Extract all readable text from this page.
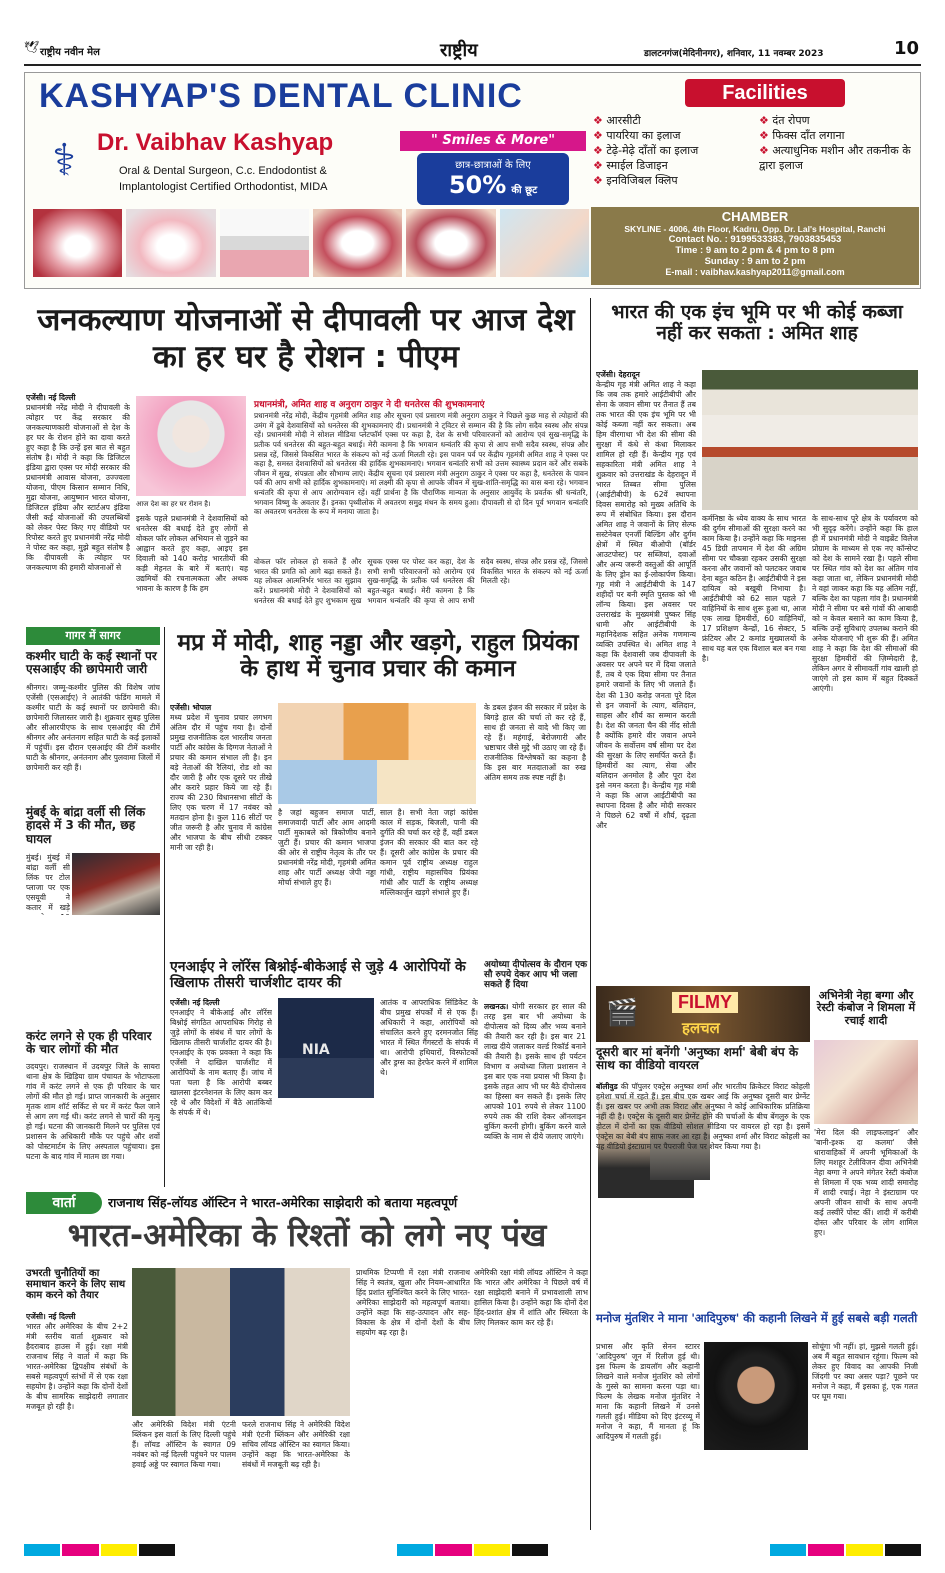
🕊 राष्ट्रीय नवीन मेल	राष्ट्रीय	डालटनगंज(मेदिनीनगर), शनिवार, 11 नवम्बर 2023	10
KASHYAP'S DENTAL CLINIC
⚕ Dr. Vaibhav Kashyap
Oral & Dental Surgeon, C.c. Endodontist &
Implantologist Certified Orthodontist, MIDA
" Smiles & More"
छात्र-छात्राओं के लिए
50% की छूट
Facilities
❖ आरसीटी
❖ पायरिया का इलाज
❖ टेढ़े-मेढ़े दाँतों का इलाज
❖ स्माईल डिजाइन
❖ इनविजिबल क्लिप
❖ दंत रोपण
❖ फिक्स दाँत लगाना
❖ अत्याधुनिक मशीन और तकनीक के द्वारा इलाज
CHAMBER
SKYLINE - 4006, 4th Floor, Kadru, Opp. Dr. Lal's Hospital, Ranchi
Contact No. : 9199533383, 7903835453
Time : 9 am to 2 pm & 4 pm to 8 pm
Sunday : 9 am to 2 pm
E-mail : vaibhav.kashyap2011@gmail.com
जनकल्याण योजनाओं से दीपावली पर आज देश का हर घर है रोशन : पीएम
एजेंसी। नई दिल्ली
प्रधानमंत्री नरेंद्र मोदी ने दीपावली के त्योहार पर केंद्र सरकार की जनकल्याणकारी योजनाओं से देश के हर घर के रोशन होने का दावा करते हुए कहा है कि उन्हें इस बात से बहुत संतोष है। मोदी ने कहा कि डिजिटल इंडिया द्वारा एक्स पर मोदी सरकार की प्रधानमंत्री आवास योजना, उज्ज्वला योजना, पीएम किसान सम्मान निधि, मुद्रा योजना, आयुष्मान भारत योजना, डिजिटल इंडिया और स्टार्टअप इंडिया जैसी कई योजनाओं की उपलब्धियों को लेकर पेस्ट किए गए वीडियो पर रिपोस्ट करते हुए प्रधानमंत्री नरेंद्र मोदी ने पोस्ट कर कहा, मुझे बहुत संतोष है कि दीपावली के त्योहार पर जनकल्याण की हमारी योजनाओं से
आज देश का हर घर रोशन है।
इसके पहले प्रधानमंत्री ने देशवासियों को धनतेरस की बधाई देते हुए लोगों से वोकल फॉर लोकल अभियान से जुड़ने का आह्वान करते हुए कहा, आइए इस दिवाली को 140 करोड़ भारतीयों की कड़ी मेहनत के बारे में बताएं। यह उद्यमियों की रचनात्मकता और अथक भावना के कारण है कि हम
प्रधानमंत्री, अमित शाह व अनुराग ठाकुर ने दी धनतेरस की शुभकामनाएं
प्रधानमंत्री नरेंद्र मोदी, केंद्रीय गृहमंत्री अमित शाह और सूचना एवं प्रसारण मंत्री अनुराग ठाकुर ने पिछले कुछ माह से त्योहारों की उमंग में डूबे देशवासियों को धनतेरस की शुभकामनाएं दी। प्रधानमंत्री ने ट्विटर से सम्मान की है कि लोग सदैव स्वस्थ और संपन्न रहें। प्रधानमंत्री मोदी ने सोशल मीडिया प्लेटफॉर्म एक्स पर कहा है, देश के सभी परिवारजनों को आरोग्य एवं सुख-समृद्धि के प्रतीक पर्व धनतेरस की बहुत-बहुत बधाई। मेरी कामना है कि भगवान धन्वंतरि की कृपा से आप सभी सदैव स्वस्थ, संपन्न और प्रसन्न रहें, जिससे विकसित भारत के संकल्प को नई ऊर्जा मिलती रहे। इस पावन पर्व पर केंद्रीय गृहमंत्री अमित शाह ने एक्स पर कहा है, समस्त देशवासियों को धनतेरस की हार्दिक शुभकामनाएं। भगवान धन्वंतरि सभी को उत्तम स्वास्थ्य प्रदान करें और सबके जीवन में सुख, संपन्नता और सौभाग्य लाएं। केंद्रीय सूचना एवं प्रसारण मंत्री अनुराग ठाकुर ने एक्स पर कहा है, धनतेरस के पावन पर्व की आप सभी को हार्दिक शुभकामनाएं। मां लक्ष्मी की कृपा से आपके जीवन में सुख-शांति-समृद्धि का वास बना रहे। भगवान धन्वंतरि की कृपा से आप आरोग्यवान रहें। वहीं प्रार्थना है कि पौराणिक मान्यता के अनुसार आयुर्वेद के प्रवर्तक श्री धन्वंतरि, भगवान विष्णु के अवतार हैं। इनका पृथ्वीलोक में अवतरण समुद्र मंथन के समय हुआ। दीपावली से दो दिन पूर्व भगवान धन्वंतरि का अवतरण धनतेरस के रूप में मनाया जाता है।
वोकल फॉर लोकल हो सकते हैं और भारत की प्रगति को आगे बढ़ा सकते हैं। यह लोकल आत्मनिर्भर भारत का सुझाव करें। प्रधानमंत्री मोदी ने देशवासियों को धनतेरस की बधाई देते हुए शुभकाम सुख सूचक एक्स पर पोस्ट कर कहा, देश के सभी सभी परिवारजनों को आरोग्य एवं सुख-समृद्धि के प्रतीक पर्व धनतेरस की बहुत-बहुत बधाई। मेरी कामना है कि भगवान धन्वंतरि की कृपा से आप सभी सदैव स्वस्थ, संपन्न और प्रसन्न रहें, जिससे विकसित भारत के संकल्प को नई ऊर्जा मिलती रहे।
भारत की एक इंच भूमि पर भी कोई कब्जा नहीं कर सकता : अमित शाह
एजेंसी। देहरादून
केन्द्रीय गृह मंत्री अमित शाह ने कहा कि जब तक हमारे आईटीबीपी और सेना के जवान सीमा पर तैनात हैं तब तक भारत की एक इंच भूमि पर भी कोई कब्जा नहीं कर सकता। अब हिम वीरगाथा भी देश की सीमा की सुरक्षा में कंधे से कंधा मिलाकर शामिल हो रही हैं। केन्द्रीय गृह एवं सहकारिता मंत्री अमित शाह ने शुक्रवार को उत्तराखंड के देहरादून में भारत तिब्बत सीमा पुलिस (आईटीबीपी) के 62वें स्थापना दिवस समारोह को मुख्य अतिथि के रूप में संबोधित किया। इस दौरान अमित शाह ने जवानों के लिए सेल्फ सस्टेनेबल एनर्जी बिल्डिंग और दुर्गम क्षेत्रों में स्थित बीओपी (बॉर्डर आउटपोस्ट) पर सब्जियां, दवाओं और अन्य जरूरी वस्तुओं की आपूर्ति के लिए ड्रोन का ई-लोकार्पण किया। गृह मंत्री ने आईटीबीपी के 147 शहीदों पर बनी स्मृति पुस्तक को भी लॉन्च किया। इस अवसर पर उत्तराखंड के मुख्यमंत्री पुष्कर सिंह धामी और आईटीबीपी के महानिदेशक सहित अनेक गणमान्य व्यक्ति उपस्थित थे। अमित शाह ने कहा कि देशवासी जब दीपावली के अवसर पर अपने घर में दिया जलाते हैं, तब ये एक दिया सीमा पर तैनात हमारे जवानों के लिए भी जलाते हैं। देश की 130 करोड़ जनता पूरे दिल से इन जवानों के त्याग, बलिदान, साहस और शौर्य का सम्मान करती है। देश की जनता चैन की नींद सोती है क्योंकि हमारे वीर जवान अपने जीवन के सर्वोत्तम वर्ष सीमा पर देश की सुरक्षा के लिए समर्पित करते हैं। हिमवीरों का त्याग, सेवा और बलिदान अनमोल है और पूरा देश इसे नमन करता है। केन्द्रीय गृह मंत्री ने कहा कि आज आईटीबीपी का स्थापना दिवस है और मोदी सरकार ने पिछले 62 वर्षों में शौर्य, दृढ़ता और
कर्मनिष्ठा के ध्येय वाक्य के साथ भारत की दुर्गम सीमाओं की सुरक्षा करने का काम किया है। उन्होंने कहा कि माइनस 45 डिग्री तापमान में देश की अग्रिम सीमा पर चौकन्ना रहकर उसकी सुरक्षा करना और जवानों को पलटकर जवाब देना बहुत कठिन है। आईटीबीपी ने इस दायित्व को बखूबी निभाया है। आईटीबीपी को 62 साल पहले 7 वाहिनियों के साथ शुरू हुआ था, आज एक लाख हिमवीरों, 60 वाहिनियों, 17 प्रशिक्षण केन्द्रों, 16 सेक्टर, 5 फ्रंटियर और 2 कमांड मुख्यालयों के साथ यह बल एक विशाल बल बन गया है।
के साथ-साथ पूरे क्षेत्र के पर्यावरण को भी सुदृढ़ करेंगे। उन्होंने कहा कि हाल ही में प्रधानमंत्री मोदी ने वाइब्रेंट विलेज प्रोग्राम के माध्यम से एक नए कॉन्सेप्ट को देश के सामने रखा है। पहले सीमा पर स्थित गांव को देश का अंतिम गांव कहा जाता था, लेकिन प्रधानमंत्री मोदी ने वहां जाकर कहा कि यह अंतिम नहीं, बल्कि देश का पहला गांव है। प्रधानमंत्री मोदी ने सीमा पर बसे गांवों की आबादी को न केवल बसाने का काम किया है, बल्कि उन्हें सुविधाएं उपलब्ध कराने की अनेक योजनाएं भी शुरू की हैं। अमित शाह ने कहा कि देश की सीमाओं की सुरक्षा हिमवीरों की ज़िम्मेदारी है, लेकिन अगर वे सीमावर्ती गांव खाली हो जाएंगे तो इस काम में बहुत दिक्कतें आएंगी।
गागर में सागर
कश्मीर घाटी के कई स्थानों पर एसआईए की छापेमारी जारी
श्रीनगर। जम्मू-कश्मीर पुलिस की विशेष जांच एजेंसी (एसआईए) ने आतंकी फंडिंग मामले में कश्मीर घाटी के कई स्थानों पर छापेमारी की। छापेमारी जिलास्तर जारी है। शुक्रवार सुबह पुलिस और सीआरपीएफ के साथ एसआईए की टीमें श्रीनगर और अनंतनाग सहित घाटी के कई इलाकों में पहुंचीं। इस दौरान एसआईए की टीमें कश्मीर घाटी के श्रीनगर, अनंतनाग और पुलवामा जिलों में छापेमारी कर रही हैं।
मुंबई के बांद्रा वर्ली सी लिंक हादसे में 3 की मौत, छह घायल
मुंबई। मुंबई में बांद्रा वर्ली सी लिंक पर टोल प्लाजा पर एक एसयूवी ने कतार में खड़े
करंट लगने से एक ही परिवार के चार लोगों की मौत
उदयपुर। राजस्थान में उदयपुर जिले के सायरा थाना क्षेत्र के खिड़िया ग्राम पंचायत के भोटाफला गांव में करंट लगने से एक ही परिवार के चार लोगों की मौत हो गई। प्राप्त जानकारी के अनुसार मृतक शाम शॉर्ट सर्किट से घर में करंट फैल जाने से आग लग गई थी। करंट लगने से चारों की मृत्यु हो गई। घटना की जानकारी मिलने पर पुलिस एवं प्रशासन के अधिकारी मौके पर पहुंचे और शवों को पोस्टमार्टम के लिए अस्पताल पहुंचाया। इस घटना के बाद गांव में मातम छा गया।
मप्र में मोदी, शाह नड्डा और खड़गे, राहुल प्रियंका के हाथ में चुनाव प्रचार की कमान
एजेंसी। भोपाल
मध्य प्रदेश में चुनाव प्रचार लगभग अंतिम दौर में पहुंच गया है। दोनों प्रमुख राजनीतिक दल भारतीय जनता पार्टी और कांग्रेस के दिग्गज नेताओं ने प्रचार की कमान संभाल ली है। इन बड़े नेताओं की रैलियां, रोड शो का दौर जारी है और एक दूसरे पर तीखे और करारे प्रहार किये जा रहे हैं। राज्य की 230 विधानसभा सीटों के लिए एक चरण में 17 नवंबर को मतदान होना है। कुल 116 सीटों पर जीत जरूरी है और चुनाव में कांग्रेस और भाजपा के बीच सीधी टक्कर मानी जा रही है।
है जहां बहुजन समाज पार्टी, समाजवादी पार्टी और आम आदमी पार्टी मुकाबले को त्रिकोणीय बनाने जुटी हैं। प्रचार की कमान भाजपा की ओर से राष्ट्रीय नेतृत्व के तौर पर प्रधानमंत्री नरेंद्र मोदी, गृहमंत्री अमित शाह और पार्टी अध्यक्ष जेपी नड्डा मोर्चा संभाले हुए हैं।
साल है। सभी नेता जहां कांग्रेस काल में सड़क, बिजली, पानी की दुर्गति की चर्चा कर रहे हैं, वहीं डबल इंजन की सरकार की बात कर रहे हैं। दूसरी ओर कांग्रेस के प्रचार की कमान पूर्व राष्ट्रीय अध्यक्ष राहुल गांधी, राष्ट्रीय महासचिव प्रियंका गांधी और पार्टी के राष्ट्रीय अध्यक्ष मल्लिकार्जुन खड़गे संभाले हुए हैं।
के डबल इंजन की सरकार में प्रदेश के बिगड़े हाल की चर्चा तो कर रहे हैं, साथ ही जनता से वादे भी किए जा रहे हैं। महंगाई, बेरोजगारी और भ्रष्टाचार जैसे मुद्दे भी उठाए जा रहे हैं। राजनीतिक विश्लेषकों का कहना है कि इस बार मतदाताओं का रुख अंतिम समय तक स्पष्ट नहीं है।
एनआईए ने लॉरेंस बिश्नोई-बीकेआई से जुड़े 4 आरोपियों के खिलाफ तीसरी चार्जशीट दायर की
एजेंसी। नई दिल्ली
एनआईए ने बीकेआई और लॉरेंस बिश्नोई संगठित आपराधिक गिरोह से जुड़े लोगों के संबंध में चार लोगों के खिलाफ तीसरी चार्जशीट दायर की है। एनआईए के एक प्रवक्ता ने कहा कि एजेंसी ने दाखिल चार्जशीट में आरोपियों के नाम बताए हैं। जांच में पता चला है कि आरोपी बब्बर खालसा इंटरनेशनल के लिए काम कर रहे थे और विदेशों में बैठे आतंकियों के संपर्क में थे।
NIA
आतंक व आपराधिक सिंडिकेट के बीच प्रमुख संपर्कों में से एक हैं। अधिकारी ने कहा, आरोपियों को संचालित करने हुए दरमनजोत सिंह भारत में स्थित गैंगस्टरों के संपर्क में था। आरोपी हथियारों, विस्फोटकों और ड्रग्स का हेरफेर करने में शामिल थे।
अयोध्या दीपोत्सव के दौरान एक सौ रुपये देकर आप भी जला सकते हैं दिया
लखनऊ। योगी सरकार हर साल की तरह इस बार भी अयोध्या के दीपोत्सव को दिव्य और भव्य बनाने की तैयारी कर रही है। इस बार 21 लाख दीये जलाकर वर्ल्ड रिकॉर्ड बनाने की तैयारी है। इसके साथ ही पर्यटन विभाग व अयोध्या जिला प्रशासन ने इस बार एक नया प्रयास भी किया है। इसके तहत आप भी घर बैठे दीपोत्सव का हिस्सा बन सकते हैं। इसके लिए आपको 101 रुपये से लेकर 1100 रुपये तक की राशि देकर ऑनलाइन बुकिंग करनी होगी। बुकिंग करने वाले व्यक्ति के नाम से दीये जलाए जाएंगे।
FILMY
हलचल
🎬
दूसरी बार मां बनेंगी 'अनुष्का शर्मा' बेबी बंप के साथ का वीडियो वायरल
बॉलीवुड की पॉपुलर एक्ट्रेस अनुष्का शर्मा और भारतीय क्रिकेटर विराट कोहली हमेशा चर्चा में रहते हैं। इस बीच एक खबर आई कि अनुष्का दूसरी बार प्रेग्नेंट हैं। इस खबर पर अभी तक विराट और अनुष्का ने कोई आधिकारिक प्रतिक्रिया नहीं दी है। एक्ट्रेस के दूसरी बार प्रेग्नेंट होने की चर्चाओं के बीच बेंगलुरु के एक होटल में दोनों का एक वीडियो सोशल मीडिया पर वायरल हो रहा है। इसमें एक्ट्रेस का बेबी बंप साफ नजर आ रहा है। अनुष्का शर्मा और विराट कोहली का यह वीडियो इंस्टाग्राम पर पैपराजी पेज पर शेयर किया गया है।
अभिनेत्री नेहा बग्गा और रेस्टी कंबोज ने शिमला में रचाई शादी
'मेरा दिल की लाइफलाइन' और 'बानी-इश्क दा कलमा' जैसे धारावाहिकों में अपनी भूमिकाओं के लिए मशहूर टेलीविजन दीवा अभिनेत्री नेहा बग्गा ने अपने मंगेतर रेस्टी कंबोज से शिमला में एक भव्य शादी समारोह में शादी रचाई। नेहा ने इंस्टाग्राम पर अपनी जीवन साथी के साथ अपनी कई तस्वीरें पोस्ट कीं। शादी में करीबी दोस्त और परिवार के लोग शामिल हुए।
मनोज मुंतशिर ने माना 'आदिपुरुष' की कहानी लिखने में हुई सबसे बड़ी गलती
प्रभास और कृति सेनन स्टारर 'आदिपुरुष' जून में रिलीज हुई थी। इस फिल्म के डायलॉग और कहानी लिखने वाले मनोज मुंतशिर को लोगों के गुस्से का सामना करना पड़ा था। फिल्म के लेखक मनोज मुंतशिर ने माना कि कहानी लिखने में उनसे गलती हुई। मीडिया को दिए इंटरव्यू में मनोज ने कहा, मैं मानता हूं कि आदिपुरुष में गलती हुई।
सोचूंगा भी नहीं। हां, मुझसे गलती हुई। अब मैं बहुत सावधान रहूंगा। फिल्म को लेकर हुए विवाद का आपकी निजी जिंदगी पर क्या असर पड़ा? पूछने पर मनोज ने कहा, मैं इसका हूं, एक गलत पर घूम गया।
वार्ता	राजनाथ सिंह-लॉयड ऑस्टिन ने भारत-अमेरिका साझेदारी को बताया महत्वपूर्ण
भारत-अमेरिका के रिश्तों को लगे नए पंख
उभरती चुनौतियों का समाधान करने के लिए साथ काम करने को तैयार
एजेंसी। नई दिल्ली
भारत और अमेरिका के बीच 2+2 मंत्री स्तरीय वार्ता शुक्रवार को हैदराबाद हाउस में हुई। रक्षा मंत्री राजनाथ सिंह ने वार्ता में कहा कि भारत-अमेरिका द्विपक्षीय संबंधों के सबसे महत्वपूर्ण स्तंभों में से एक रक्षा सहयोग है। उन्होंने कहा कि दोनों देशों के बीच सामरिक साझेदारी लगातार मजबूत हो रही है।
और अमेरिकी विदेश मंत्री एंटनी ब्लिंकन इस वार्ता के लिए दिल्ली पहुंचे हैं। लॉयड ऑस्टिन के स्वागत 09 नवंबर को नई दिल्ली पहुंचने पर पालम हवाई अड्डे पर स्वागत किया गया।
फरले राजनाथ सिंह ने अमेरिकी विदेश मंत्री एंटनी ब्लिंकन और अमेरिकी रक्षा सचिव लॉयड ऑस्टिन का स्वागत किया। उन्होंने कहा कि भारत-अमेरिका के संबंधों में मजबूती बढ़ रही है।
प्राथमिक टिप्पणी में रक्षा मंत्री राजनाथ सिंह ने स्वतंत्र, खुला और नियम-आधारित हिंद प्रशांत सुनिश्चित करने के लिए भारत-अमेरिका साझेदारी को महत्वपूर्ण बताया। उन्होंने कहा कि सह-उत्पादन और सह-विकास के क्षेत्र में दोनों देशों के बीच सहयोग बढ़ रहा है।
अमेरिकी रक्षा मंत्री लॉयड ऑस्टिन ने कहा कि भारत और अमेरिका ने पिछले वर्ष में रक्षा साझेदारी बनाने में प्रभावशाली लाभ हासिल किया है। उन्होंने कहा कि दोनों देश हिंद-प्रशांत क्षेत्र में शांति और स्थिरता के लिए मिलकर काम कर रहे हैं।
